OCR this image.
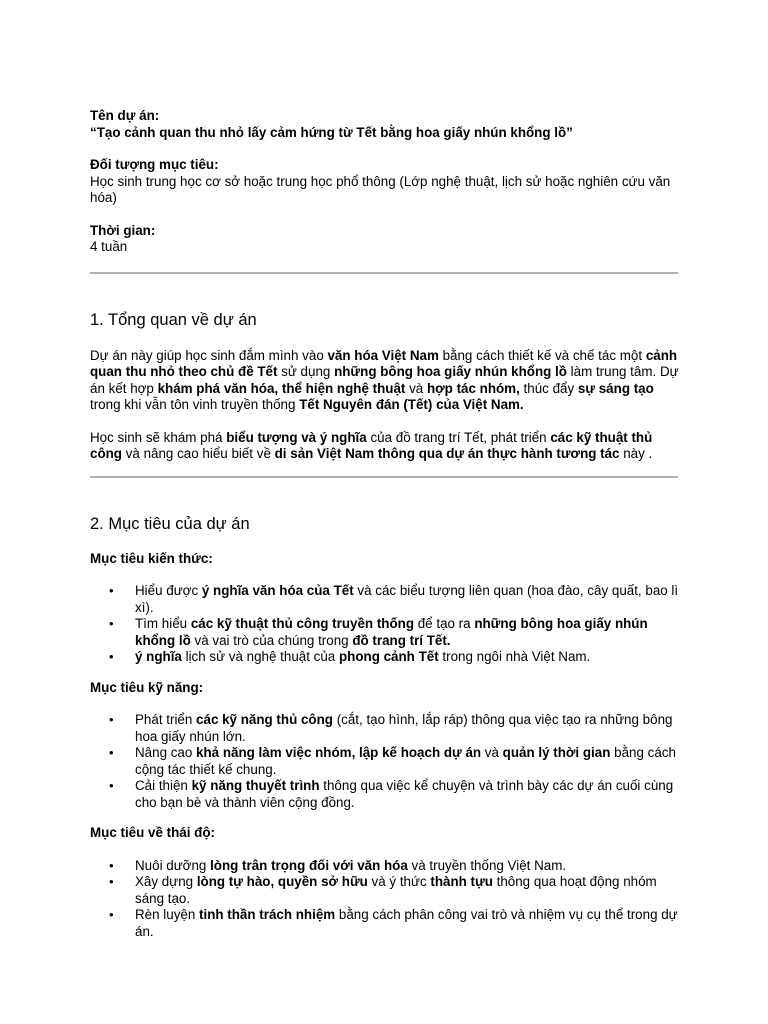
Tên dự án:

“Tạo cảnh quan thu nhỏ lấy cảm hứng từ Tết bằng hoa giấy nhún khổng lồ”

Đối tượng mục tiêu:

Học sinh trung học cơ sở hoặc trung học phổ thông (Lớp nghệ thuật, lịch sử hoặc nghiên cứu văn hóa)

Thời gian:

4 tuần

1. Tổng quan về dự án

Dự án này giúp học sinh đắm mình vào văn hóa Việt Nam bằng cách thiết kế và chế tác một cảnh quan thu nhỏ theo chủ đề Tết sử dụng những bông hoa giấy nhún khổng lồ làm trung tâm. Dự án kết hợp khám phá văn hóa, thể hiện nghệ thuật và hợp tác nhóm, thúc đẩy sự sáng tạo trong khi vẫn tôn vinh truyền thống Tết Nguyên đán (Tết) của Việt Nam.

Học sinh sẽ khám phá biểu tượng và ý nghĩa của đồ trang trí Tết, phát triển các kỹ thuật thủ công và nâng cao hiểu biết về di sản Việt Nam thông qua dự án thực hành tương tác này .

2. Mục tiêu của dự án

Mục tiêu kiến thức:

• Hiểu được ý nghĩa văn hóa của Tết và các biểu tượng liên quan (hoa đào, cây quất, bao lì xì).
• Tìm hiểu các kỹ thuật thủ công truyền thống để tạo ra những bông hoa giấy nhún khổng lồ và vai trò của chúng trong đồ trang trí Tết.
• ý nghĩa lịch sử và nghệ thuật của phong cảnh Tết trong ngôi nhà Việt Nam.

Mục tiêu kỹ năng:

• Phát triển các kỹ năng thủ công (cắt, tạo hình, lắp ráp) thông qua việc tạo ra những bông hoa giấy nhún lớn.
• Nâng cao khả năng làm việc nhóm, lập kế hoạch dự án và quản lý thời gian bằng cách cộng tác thiết kế chung.
• Cải thiện kỹ năng thuyết trình thông qua việc kể chuyện và trình bày các dự án cuối cùng cho bạn bè và thành viên cộng đồng.

Mục tiêu về thái độ:

• Nuôi dưỡng lòng trân trọng đối với văn hóa và truyền thống Việt Nam.
• Xây dựng lòng tự hào, quyền sở hữu và ý thức thành tựu thông qua hoạt động nhóm sáng tạo.
• Rèn luyện tinh thần trách nhiệm bằng cách phân công vai trò và nhiệm vụ cụ thể trong dự án.
